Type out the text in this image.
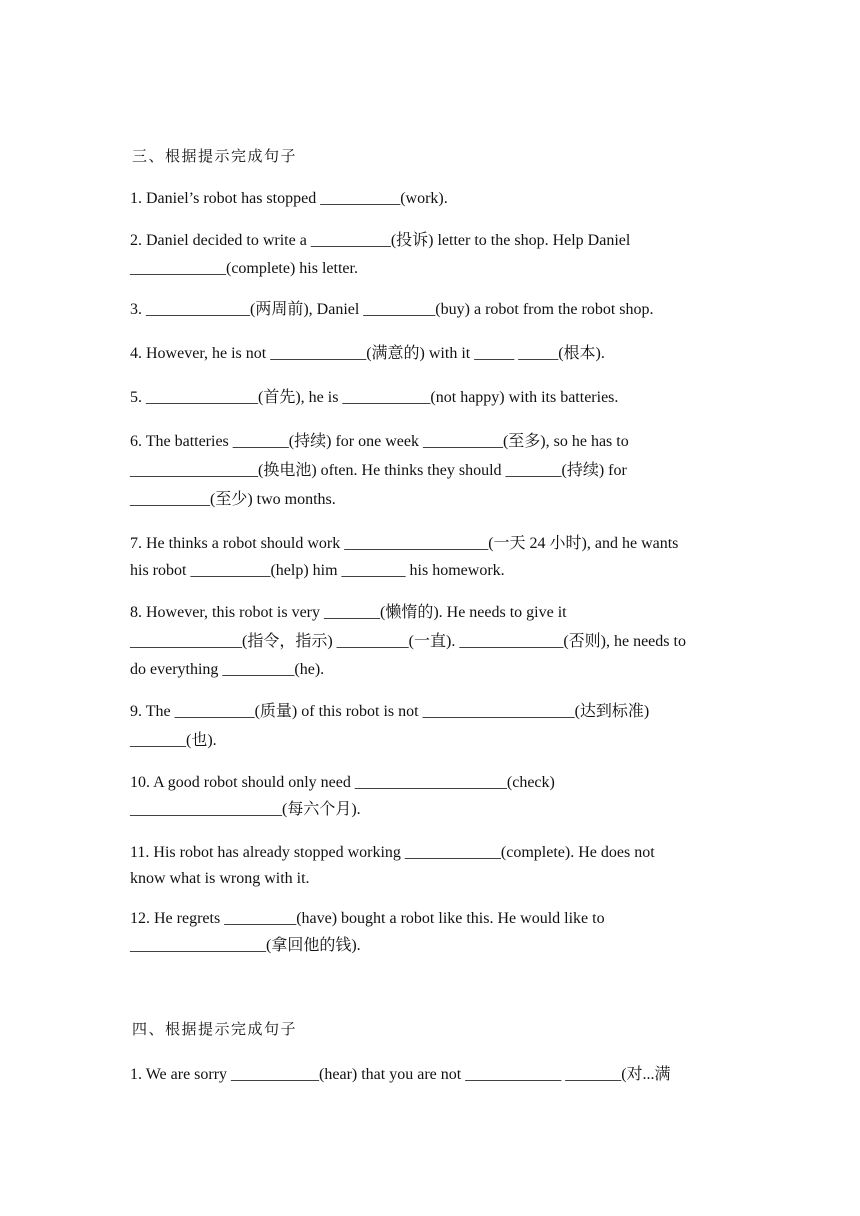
三、根据提示完成句子
1. Daniel’s robot has stopped __________(work).
2. Daniel decided to write a __________(投诉) letter to the shop. Help Daniel
____________(complete) his letter.
3. _____________(两周前), Daniel _________(buy) a robot from the robot shop.
4. However, he is not ____________(满意的) with it _____ _____(根本).
5. ______________(首先), he is ___________(not happy) with its batteries.
6. The batteries _______(持续) for one week __________(至多), so he has to
________________(换电池) often. He thinks they should _______(持续) for
__________(至少) two months.
7. He thinks a robot should work __________________(一天 24 小时), and he wants
his robot __________(help) him ________ his homework.
8. However, this robot is very _______(懒惰的). He needs to give it
______________(指令，指示) _________(一直). _____________(否则), he needs to
do everything _________(he).
9. The __________(质量) of this robot is not ___________________(达到标准)
_______(也).
10. A good robot should only need ___________________(check)
___________________(每六个月).
11. His robot has already stopped working ____________(complete). He does not
know what is wrong with it.
12. He regrets _________(have) bought a robot like this. He would like to
_________________(拿回他的钱).
四、根据提示完成句子
1. We are sorry ___________(hear) that you are not ____________ _______(对...满
